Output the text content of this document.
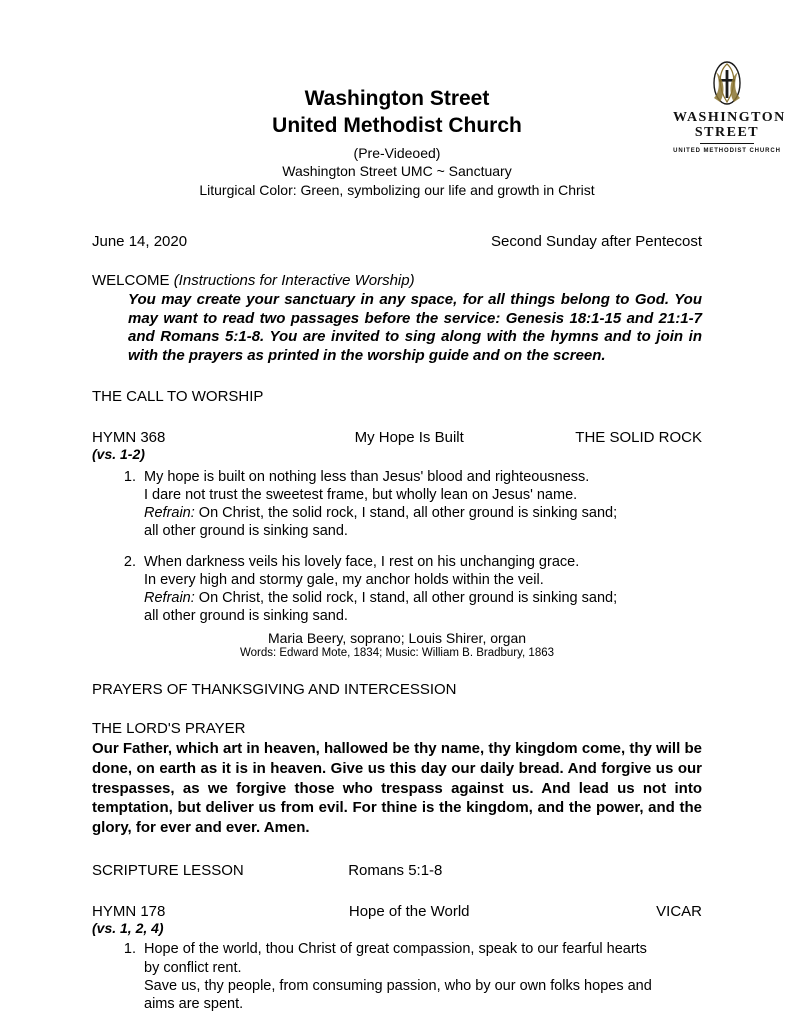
WASHINGTON
STREET
UNITED METHODIST CHURCH
Washington Street
United Methodist Church
(Pre-Videoed)
Washington Street UMC ~ Sanctuary
Liturgical Color: Green, symbolizing our life and growth in Christ
June 14, 2020	Second Sunday after Pentecost
WELCOME (Instructions for Interactive Worship)
You may create your sanctuary in any space, for all things belong to God. You may want to read two passages before the service: Genesis 18:1-15 and 21:1-7 and Romans 5:1-8. You are invited to sing along with the hymns and to join in with the prayers as printed in the worship guide and on the screen.
THE CALL TO WORSHIP
HYMN 368	My Hope Is Built	THE SOLID ROCK
(vs. 1-2)
1. My hope is built on nothing less than Jesus' blood and righteousness.
I dare not trust the sweetest frame, but wholly lean on Jesus' name.
Refrain: On Christ, the solid rock, I stand, all other ground is sinking sand;
all other ground is sinking sand.
2. When darkness veils his lovely face, I rest on his unchanging grace.
In every high and stormy gale, my anchor holds within the veil.
Refrain: On Christ, the solid rock, I stand, all other ground is sinking sand;
all other ground is sinking sand.
Maria Beery, soprano; Louis Shirer, organ
Words: Edward Mote, 1834; Music: William B. Bradbury, 1863
PRAYERS OF THANKSGIVING AND INTERCESSION
THE LORD'S PRAYER
Our Father, which art in heaven, hallowed be thy name, thy kingdom come, thy will be done, on earth as it is in heaven. Give us this day our daily bread. And forgive us our trespasses, as we forgive those who trespass against us. And lead us not into temptation, but deliver us from evil. For thine is the kingdom, and the power, and the glory, for ever and ever. Amen.
SCRIPTURE LESSON	Romans 5:1-8
HYMN 178	Hope of the World	VICAR
(vs. 1, 2, 4)
1. Hope of the world, thou Christ of great compassion, speak to our fearful hearts
by conflict rent.
Save us, thy people, from consuming passion, who by our own folks hopes and
aims are spent.
